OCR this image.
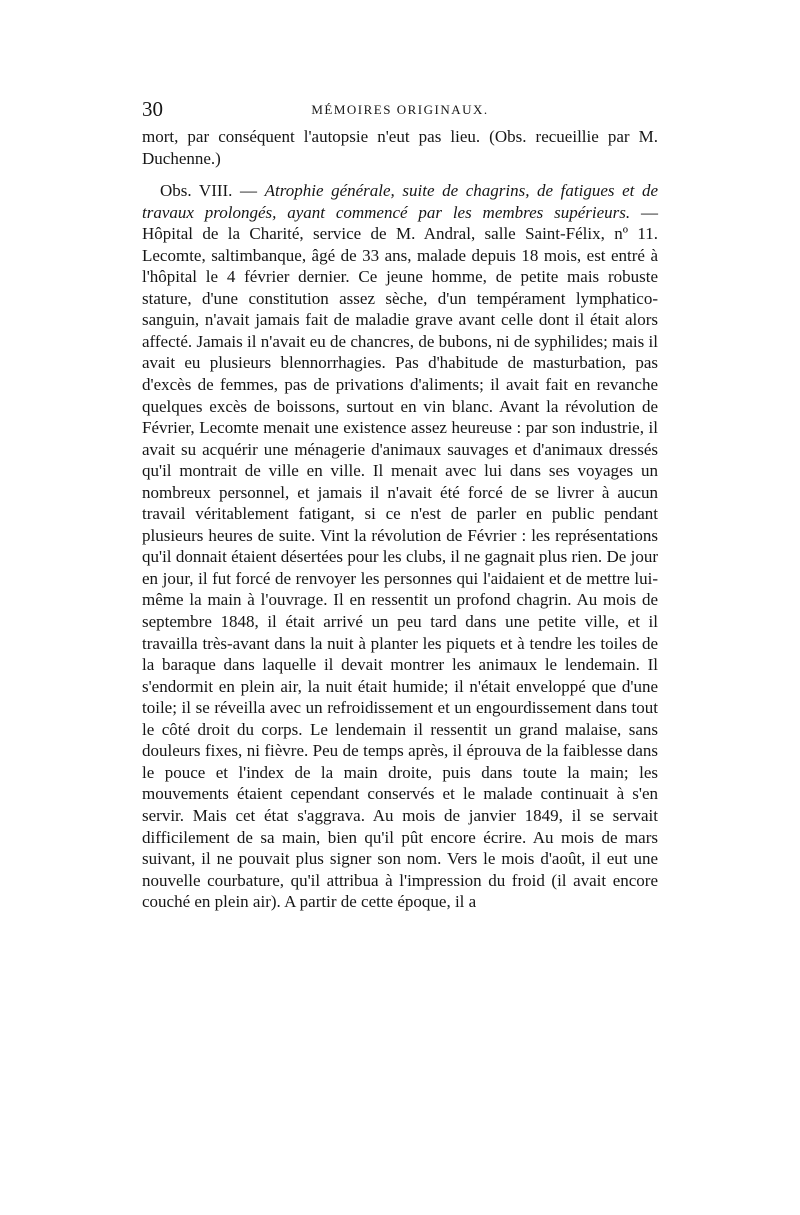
30	MÉMOIRES ORIGINAUX.

mort, par conséquent l'autopsie n'eut pas lieu. (Obs. recueillie par M. Duchenne.)

Obs. VIII. — Atrophie générale, suite de chagrins, de fatigues et de travaux prolongés, ayant commencé par les membres supérieurs. — Hôpital de la Charité, service de M. Andral, salle Saint-Félix, nº 11. Lecomte, saltimbanque, âgé de 33 ans, malade depuis 18 mois, est entré à l'hôpital le 4 février dernier. Ce jeune homme, de petite mais robuste stature, d'une constitution assez sèche, d'un tempérament lymphatico-sanguin, n'avait jamais fait de maladie grave avant celle dont il était alors affecté. Jamais il n'avait eu de chancres, de bubons, ni de syphilides; mais il avait eu plusieurs blennorrhagies. Pas d'habitude de masturbation, pas d'excès de femmes, pas de privations d'aliments; il avait fait en revanche quelques excès de boissons, surtout en vin blanc. Avant la révolution de Février, Lecomte menait une existence assez heureuse : par son industrie, il avait su acquérir une ménagerie d'animaux sauvages et d'animaux dressés qu'il montrait de ville en ville. Il menait avec lui dans ses voyages un nombreux personnel, et jamais il n'avait été forcé de se livrer à aucun travail véritablement fatigant, si ce n'est de parler en public pendant plusieurs heures de suite. Vint la révolution de Février : les représentations qu'il donnait étaient désertées pour les clubs, il ne gagnait plus rien. De jour en jour, il fut forcé de renvoyer les personnes qui l'aidaient et de mettre lui-même la main à l'ouvrage. Il en ressentit un profond chagrin. Au mois de septembre 1848, il était arrivé un peu tard dans une petite ville, et il travailla très-avant dans la nuit à planter les piquets et à tendre les toiles de la baraque dans laquelle il devait montrer les animaux le lendemain. Il s'endormit en plein air, la nuit était humide; il n'était enveloppé que d'une toile; il se réveilla avec un refroidissement et un engourdissement dans tout le côté droit du corps. Le lendemain il ressentit un grand malaise, sans douleurs fixes, ni fièvre. Peu de temps après, il éprouva de la faiblesse dans le pouce et l'index de la main droite, puis dans toute la main; les mouvements étaient cependant conservés et le malade continuait à s'en servir. Mais cet état s'aggrava. Au mois de janvier 1849, il se servait difficilement de sa main, bien qu'il pût encore écrire. Au mois de mars suivant, il ne pouvait plus signer son nom. Vers le mois d'août, il eut une nouvelle courbature, qu'il attribua à l'impression du froid (il avait encore couché en plein air). A partir de cette époque, il a
